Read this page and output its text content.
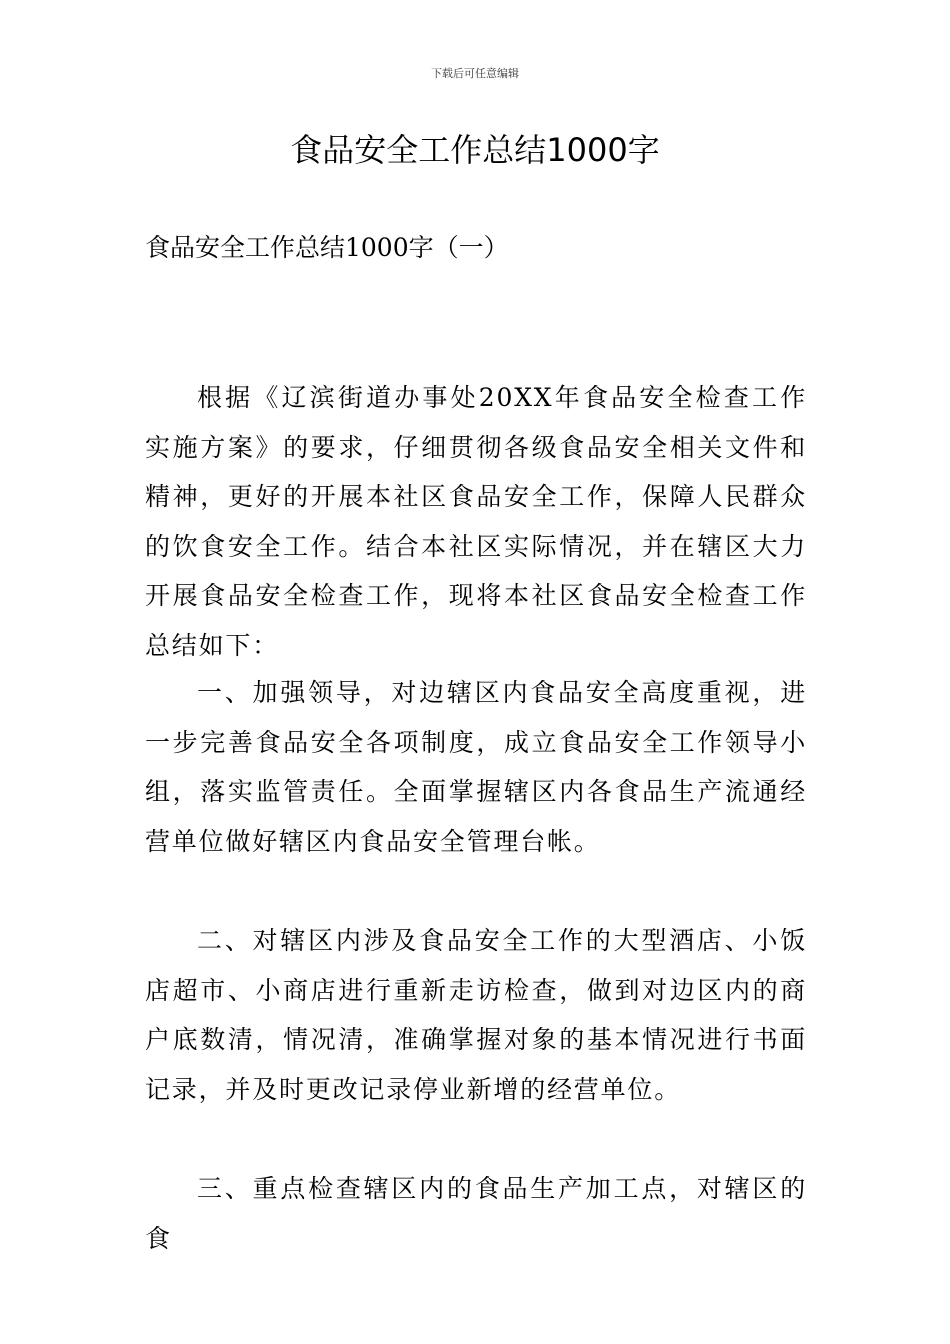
下载后可任意编辑
食品安全工作总结1000字

食品安全工作总结1000字（一）

根据《辽滨街道办事处20XX年食品安全检查工作实施方案》的要求，仔细贯彻各级食品安全相关文件和精神，更好的开展本社区食品安全工作，保障人民群众的饮食安全工作。结合本社区实际情况，并在辖区大力开展食品安全检查工作，现将本社区食品安全检查工作总结如下：

一、加强领导，对边辖区内食品安全高度重视，进一步完善食品安全各项制度，成立食品安全工作领导小组，落实监管责任。全面掌握辖区内各食品生产流通经营单位做好辖区内食品安全管理台帐。

二、对辖区内涉及食品安全工作的大型酒店、小饭店超市、小商店进行重新走访检查，做到对边区内的商户底数清，情况清，准确掌握对象的基本情况进行书面记录，并及时更改记录停业新增的经营单位。

三、重点检查辖区内的食品生产加工点，对辖区的食
